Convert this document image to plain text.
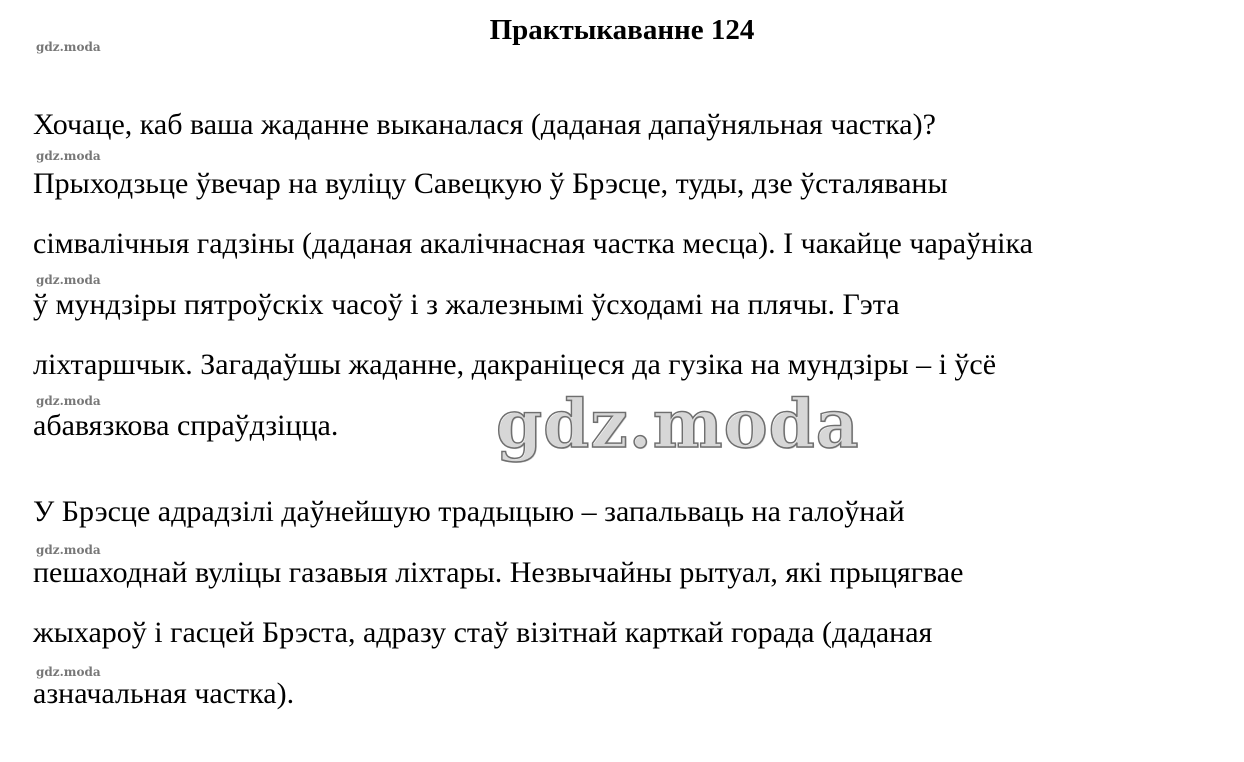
Практыкаванне 124
gdz.moda
gdz.moda
gdz.moda
gdz.moda
gdz.moda
gdz.moda
Хочаце, каб ваша жаданне выканалася (даданая дапаўняльная частка)?
Прыходзьце ўвечар на вуліцу Савецкую ў Брэсце, туды, дзе ўсталяваны
сімвалічныя гадзіны (даданая акалічнасная частка месца). І чакайце чараўніка
ў мундзіры пятроўскіх часоў і з жалезнымі ўсходамі на плячы. Гэта
ліхтаршчык. Загадаўшы жаданне, дакраніцеся да гузіка на мундзіры – і ўсё
абавязкова спраўдзіцца.
У Брэсце адрадзілі даўнейшую традыцыю – запальваць на галоўнай
пешаходнай вуліцы газавыя ліхтары. Незвычайны рытуал, які прыцягвае
жыхароў і гасцей Брэста, адразу стаў візітнай карткай горада (даданая
азначальная частка).
gdz.moda
